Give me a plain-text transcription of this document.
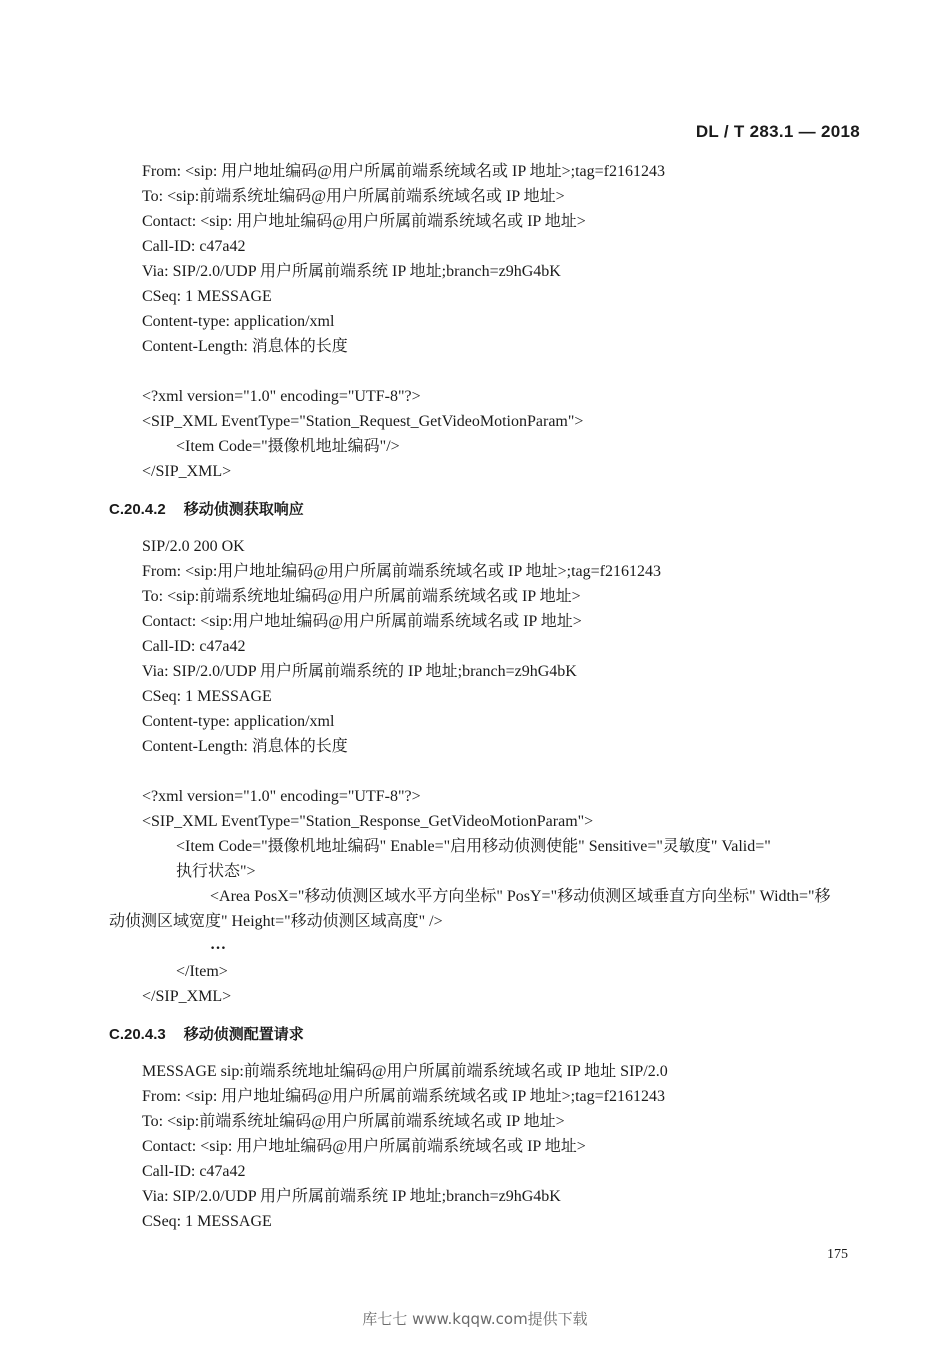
DL / T 283.1 — 2018
From: <sip: 用户地址编码@用户所属前端系统域名或 IP 地址>;tag=f2161243
To: <sip:前端系统址编码@用户所属前端系统域名或 IP 地址>
Contact: <sip: 用户地址编码@用户所属前端系统域名或 IP 地址>
Call-ID: c47a42
Via: SIP/2.0/UDP 用户所属前端系统 IP 地址;branch=z9hG4bK
CSeq: 1 MESSAGE
Content-type: application/xml
Content-Length: 消息体的长度
<?xml version="1.0" encoding="UTF-8"?>
<SIP_XML EventType="Station_Request_GetVideoMotionParam">
<Item Code="摄像机地址编码"/>
</SIP_XML>
C.20.4.2 移动侦测获取响应
SIP/2.0 200 OK
From: <sip:用户地址编码@用户所属前端系统域名或 IP 地址>;tag=f2161243
To: <sip:前端系统地址编码@用户所属前端系统域名或 IP 地址>
Contact: <sip:用户地址编码@用户所属前端系统域名或 IP 地址>
Call-ID: c47a42
Via: SIP/2.0/UDP 用户所属前端系统的 IP 地址;branch=z9hG4bK
CSeq: 1 MESSAGE
Content-type: application/xml
Content-Length: 消息体的长度
<?xml version="1.0" encoding="UTF-8"?>
<SIP_XML EventType="Station_Response_GetVideoMotionParam">
<Item Code="摄像机地址编码" Enable="启用移动侦测使能" Sensitive="灵敏度" Valid="
执行状态">
<Area PosX="移动侦测区域水平方向坐标" PosY="移动侦测区域垂直方向坐标" Width="移
动侦测区域宽度" Height="移动侦测区域高度" />
…
</Item>
</SIP_XML>
C.20.4.3 移动侦测配置请求
MESSAGE sip:前端系统地址编码@用户所属前端系统域名或 IP 地址 SIP/2.0
From: <sip: 用户地址编码@用户所属前端系统域名或 IP 地址>;tag=f2161243
To: <sip:前端系统址编码@用户所属前端系统域名或 IP 地址>
Contact: <sip: 用户地址编码@用户所属前端系统域名或 IP 地址>
Call-ID: c47a42
Via: SIP/2.0/UDP 用户所属前端系统 IP 地址;branch=z9hG4bK
CSeq: 1 MESSAGE
175
库七七 www.kqqw.com提供下载
